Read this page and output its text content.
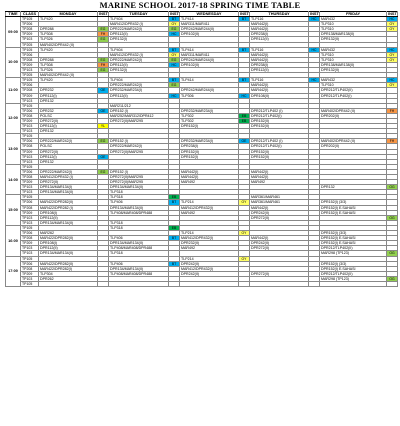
MARINE SCHOOL 2017-18 SPRING TIME TABLE
TIME	CLASS	MONDAY	INST	TUESDAY	INST	WEDNESDAY	INST	THURSDAY	INST	FRIDAY	INST
09:00	TP105	TLP420		TLP404	BT	TLP414	BT	TLP116	HC	MAR432	HC
	TP206			MAR412/DPR432 (I)	OY	MAR311/MAR411		MAR442(I)		TLP310	OY
	TP208	DPR288	EG	DPR222/MAR242(I)	EG	DPR242/MAR244(II)		MAR442(I)		TLP310	OY
	TP209	TLP308	FH	DPR112(II)	HC	DPR102(II)		DPR238(I)		DPR138/MAR138(II)	
	TP103	TLP326	EG	DPR132(I)				DPR112(II)		DPR132(II)	
	TP205	MAR402/DPR442 (II)									
10:00	TP105	TLP420		TLP404	BT	TLP414	BT	TLP116	HC	MAR432	HC
	TP206			MAR412/DPR432 (I)	OY	MAR311/MAR411		MAR442(I)		TLP310	OY
	TP208	DPR288	EG	DPR222/MAR242(I)	EG	DPR242/MAR244(II)		MAR442(I)		TLP310	OY
	TP209	TLP308	FH	DPR112(II)	HC	DPR102(II)		DPR238(I)		DPR138/MAR138(II)	
	TP103	TLP326	EG	DPR132(I)				DPR112(II)		DPR132(II)	
	TP205	MAR402/DPR442 (II)									
11:00	TP105	TLP420		TLP404	BT	TLP414	BT	TLP116	HC	MAR432	HC
	TP206			DPR222/MAR242(I)	EG			MAR442(I)		TLP310	OY
	TP208	DPR232	OE	DPR232/MAR234(I)		DPR242/MAR244(II)		MAR442(I)		DPR212/TLP402(II)	
	TP209	DPR112(I)		DPR112(II)	HC	TLP306	HC	DPR108(II)		DPR212/TLP402(I)	
	TP103	DPR132									
12:00	TP105			MAR211/212							
	TP206	DPR232	OE	DPR152 (I)		DPR232/MAR234(I)		DPR212/TLP402 (I)		MAR402/DPR442 (II)	FH
	TP208	POLSC		MAR252/MAR312/DPR412		TLP302	EB	DPR212/TLP402(I)		DPR202(II)	
	TP209	DPR272(II)		DPR272(II)/MAR295		TLP302	EB	DPR152(II)			
	TP103	DPR112(I)	YL			DPR152(I)		DPR152(II)			
	TP103	DPR132									
13:00	TP105										
	TP206	DPR222/MAR242(I)	EG	DPR152 (I)		DPR232/MAR234(I)	OE	DPR212/TLP402 (I)		MAR402/DPR442 (II)	FH
	TP208	POLSC		DPR222/MAR242(I)		DPR238(I)		DPR212/TLP402(I)		DPR202(II)	
	TP209	DPR272(II)		DPR272(II)/MAR295		DPR152(II)		DPR152(II)			
	TP103	DPR112(I)	OE			DPR152(I)		DPR152(II)			
	TP103	DPR132									
14:00	TP105										
	TP206	DPR222/MAR242(I)	EG	DPR152 (I)		MAR442(I)		MAR442(I)			
	TP208	MAR412/DPR432 (I)		DPR272(II)/MAR295		MAR442(I)		MAR442(I)			
	TP209	DPR272(II)		DPR272(II)/MAR295		MAR492		MAR492			
	TP103	DPR134/MAR134(I)		DPR134/MAR134(II)						DPR132	OG
	TP103	DPR134/MAR134(II)		TLP318							
15:00	TP105			TLP318	EB			MAR361/MAR461			
	TP206	MAR422/DPR282(II)		TLP406	BT	TLP214	OY	MAR361/MAR461		DPR152(I) (3/3)	
	TP208	MAR422/DPR282 (I)		DPR134/MAR134(II)		MAR412/DPR432(I)		MAR442(I)		DPR152(I) E.SAHASI	
	TP209	DPR108(I)		TLP408/MAR408/DPR488		MAR492		DPR242(II)		DPR152(I) E.SAHASI	
	TP103	DPR112(II)						DPR272(II)			OG
	TP103	DPR134/MAR134(II)		TLP318							
16:00	TP105			TLP318	EB						
	TP206	MAR262				TLP214	OY			DPR152(I) (3/3)	
	TP208	MAR422/DPR282(II)		TLP406	BT	MAR412/DPR432(I)		MAR442(I)		DPR152(I) E.SAHASI	
	TP209	DPR108(I)		DPR134/MAR134(II)		DPR232(II)		DPR242(II)		DPR152(I) E.SAHASI	
	TP103	DPR112(II)		TLP408/MAR408/DPR488		MAR492		DPR272(II)		DPR212/TLP402(II)	
	TP103	DPR134/MAR134(II)		TLP318						MAR298 (TP123)	OG
17:00	TP105					TLP214	OY				
	TP206	MAR422/DPR282(II)		TLP406	BT	DPR242(II)				DPR152(I) (3/3)	
	TP208	MAR422/DPR282(I)		DPR134/MAR134(II)		MAR412/DPR432(I)				DPR152(I) E.SAHASI	
	TP209	TLP304		TLP408/MAR408/DPR488		DPR242(II)		DPR272(II)		DPR212/TLP402(II)	
	TP103	DPR262								MAR298 (TP123)	OG
	TP105										
